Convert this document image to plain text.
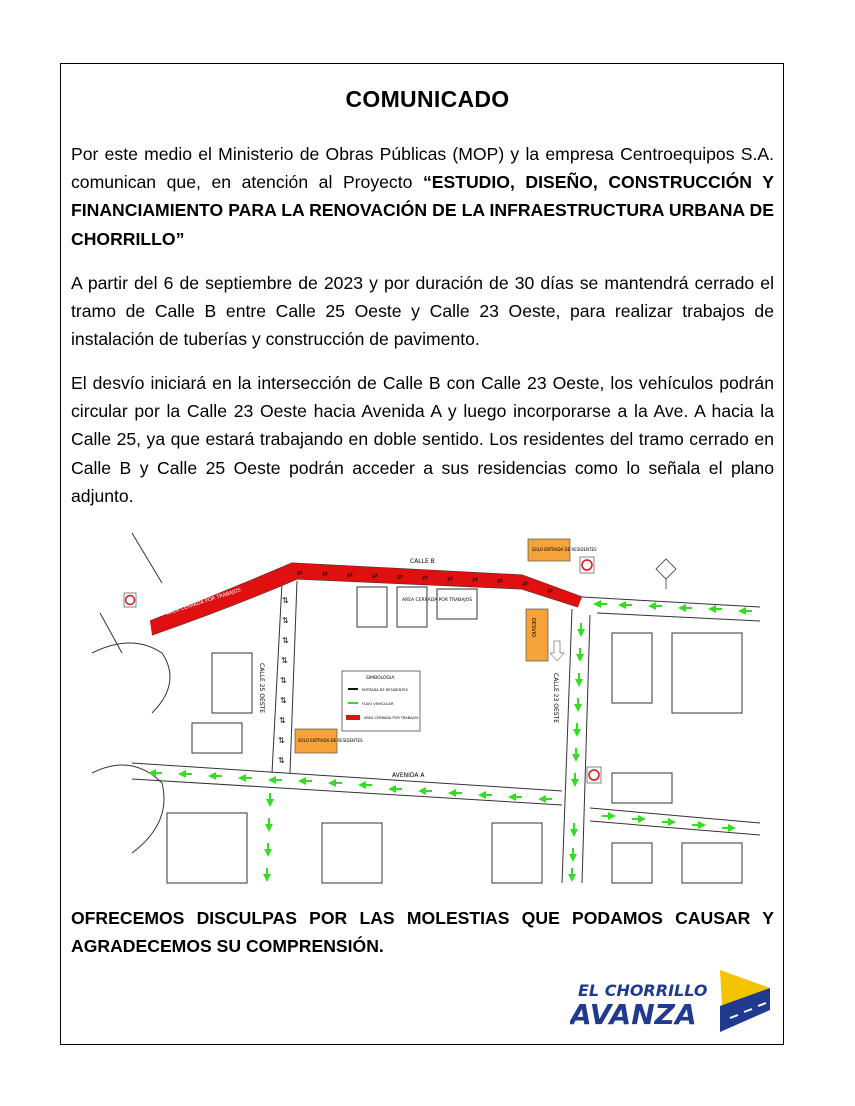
COMUNICADO

Por este medio el Ministerio de Obras Públicas (MOP) y la empresa Centroequipos S.A. comunican que, en atención al Proyecto “ESTUDIO, DISEÑO, CONSTRUCCIÓN Y FINANCIAMIENTO PARA LA RENOVACIÓN DE LA INFRAESTRUCTURA URBANA DE CHORRILLO”

A partir del 6 de septiembre de 2023 y por duración de 30 días se mantendrá cerrado el tramo de Calle B entre Calle 25 Oeste y Calle 23 Oeste, para realizar trabajos de instalación de tuberías y construcción de pavimento.

El desvío iniciará en la intersección de Calle B con Calle 23 Oeste, los vehículos podrán circular por la Calle 23 Oeste hacia Avenida A y luego incorporarse a la Ave. A hacia la Calle 25, ya que estará trabajando en doble sentido. Los residentes del tramo cerrado en Calle B y Calle 25 Oeste podrán acceder a sus residencias como lo señala el plano adjunto.

⇄	⇄	⇄	⇄	⇄	⇄	⇄	⇄	⇄	⇄
⇄
AREA CERRADA POR TRABAJOS
CALLE B
AREA CERRADA POR TRABAJOS
⇅
⇅
⇅
⇅
⇅
⇅
⇅
⇅
⇅
CALLE 25 OESTE
AVENIDA A
CALLE 23 OESTE
SOLO ENTRADA DE RESIDENTES
SOLO ENTRADA DE RESIDENTES
DESVIO
SIMBOLOGIA
ENTRADA DE RESIDENTES
FLUJO VEHICULAR
AREA CERRADA POR TRABAJOS

OFRECEMOS DISCULPAS POR LAS MOLESTIAS QUE PODAMOS CAUSAR Y AGRADECEMOS SU COMPRENSIÓN.

EL CHORRILLO
AVANZA
